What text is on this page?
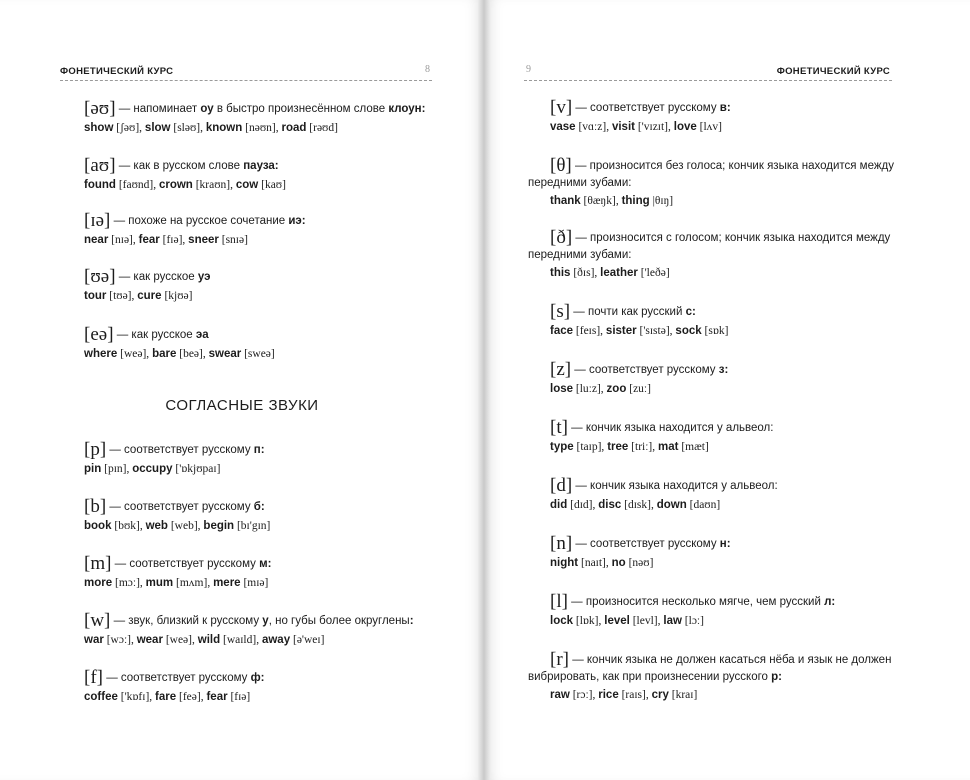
ФОНЕТИЧЕСКИЙ КУРС	8
[əʊ] — напоминает оу в быстро произнесённом слове клоун:
show [ʃəʊ], slow [sləʊ], known [nəʊn], road [rəʊd]
[aʊ] — как в русском слове пауза:
found [faʊnd], crown [kraʊn], cow [kaʊ]
[ɪə] — похоже на русское сочетание иэ:
near [nɪə], fear [fɪə], sneer [snɪə]
[ʊə] — как русское уэ
tour [tʊə], cure [kjʊə]
[eə] — как русское эа
where [weə], bare [beə], swear [sweə]
СОГЛАСНЫЕ ЗВУКИ
[p] — соответствует русскому п:
pin [pɪn], occupy ['ɒkjʊpaɪ]
[b] — соответствует русскому б:
book [bʊk], web [web], begin [bɪ'gɪn]
[m] — соответствует русскому м:
more [mɔː], mum [mʌm], mere [mɪə]
[w] — звук, близкий к русскому у, но губы более округлены:
war [wɔː], wear [weə], wild [waɪld], away [ə'weɪ]
[f] — соответствует русскому ф:
coffee ['kɒfɪ], fare [feə], fear [fɪə]
9	ФОНЕТИЧЕСКИЙ КУРС
[v] — соответствует русскому в:
vase [vɑːz], visit ['vɪzɪt], love [lʌv]
[θ] — произносится без голоса; кончик языка находится между
передними зубами:
thank [θæŋk], thing |θɪŋ]
[ð] — произносится с голосом; кончик языка находится между
передними зубами:
this [ðɪs], leather ['leðə]
[s] — почти как русский с:
face [feɪs], sister ['sɪstə], sock [sɒk]
[z] — соответствует русскому з:
lose [luːz], zoo [zuː]
[t] — кончик языка находится у альвеол:
type [taɪp], tree [triː], mat [mæt]
[d] — кончик языка находится у альвеол:
did [dɪd], disc [dɪsk], down [daʊn]
[n] — соответствует русскому н:
night [naɪt], no [nəʊ]
[l] — произносится несколько мягче, чем русский л:
lock [lɒk], level [levl], law [lɔː]
[r] — кончик языка не должен касаться нёба и язык не должен
вибрировать, как при произнесении русского р:
raw [rɔː], rice [raɪs], cry [kraɪ]
